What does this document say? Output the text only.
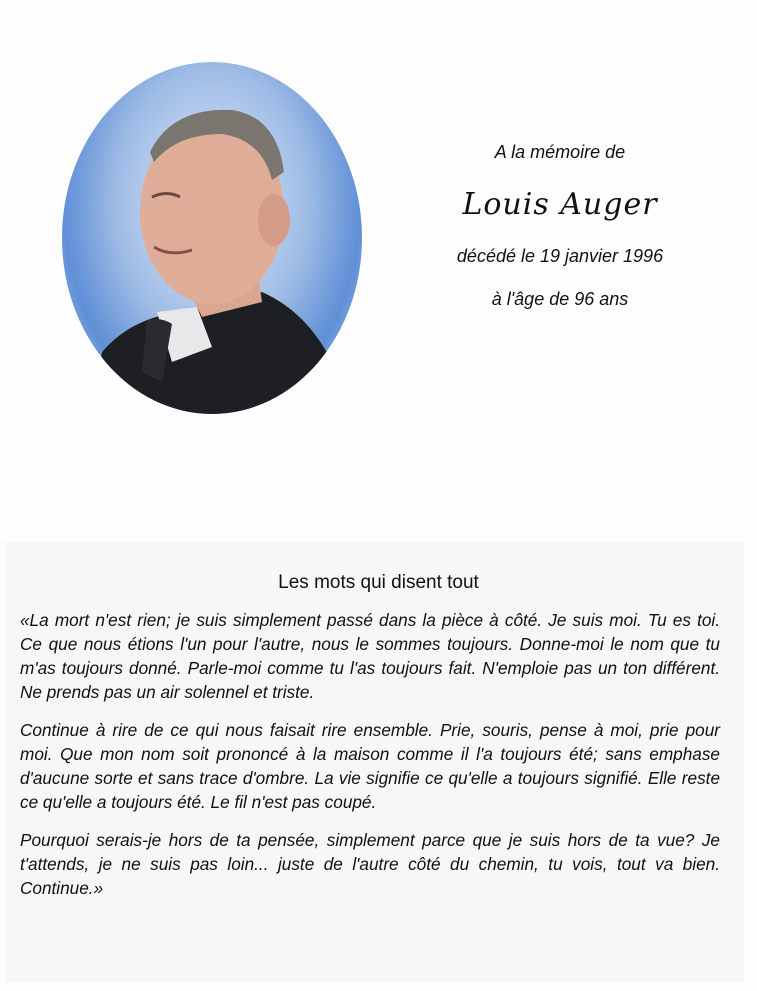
A la mémoire de
Louis Auger
décédé le 19 janvier 1996
à l'âge de 96 ans
Les mots qui disent tout

«La mort n'est rien; je suis simplement passé dans la pièce à côté. Je suis moi. Tu es toi. Ce que nous étions l'un pour l'autre, nous le sommes toujours. Donne-moi le nom que tu m'as toujours donné. Parle-moi comme tu l'as toujours fait. N'emploie pas un ton différent. Ne prends pas un air solennel et triste.

Continue à rire de ce qui nous faisait rire ensemble. Prie, souris, pense à moi, prie pour moi. Que mon nom soit prononcé à la maison comme il l'a toujours été; sans emphase d'aucune sorte et sans trace d'ombre. La vie signifie ce qu'elle a toujours signifié. Elle reste ce qu'elle a toujours été. Le fil n'est pas coupé.

Pourquoi serais-je hors de ta pensée, simplement parce que je suis hors de ta vue? Je t'attends, je ne suis pas loin... juste de l'autre côté du chemin, tu vois, tout va bien. Continue.»
